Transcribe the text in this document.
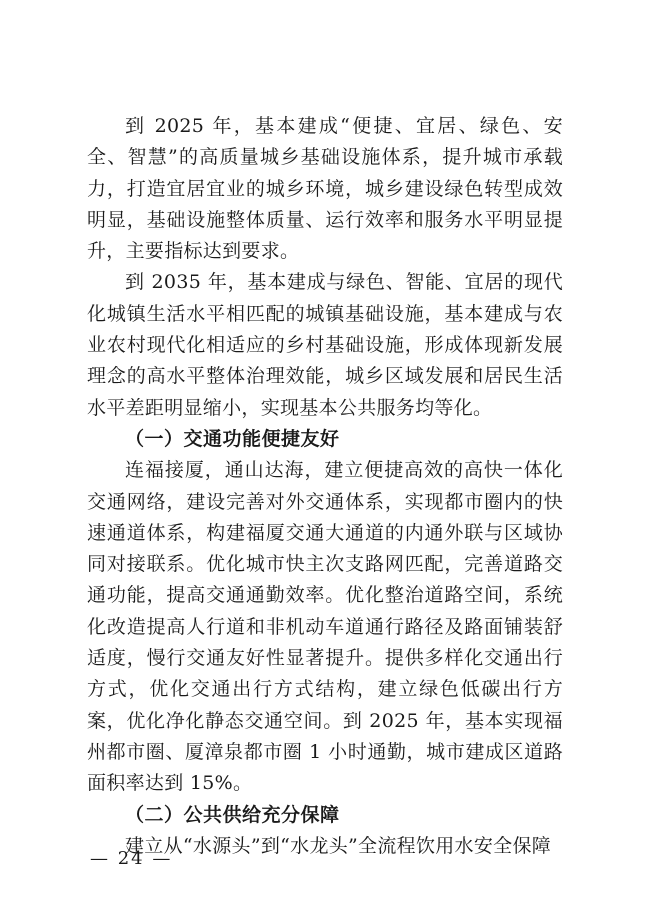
到 2025 年，基本建成“便捷、宜居、绿色、安全、智慧”的高质量城乡基础设施体系，提升城市承载力，打造宜居宜业的城乡环境，城乡建设绿色转型成效明显，基础设施整体质量、运行效率和服务水平明显提升，主要指标达到要求。

到 2035 年，基本建成与绿色、智能、宜居的现代化城镇生活水平相匹配的城镇基础设施，基本建成与农业农村现代化相适应的乡村基础设施，形成体现新发展理念的高水平整体治理效能，城乡区域发展和居民生活水平差距明显缩小，实现基本公共服务均等化。

（一）交通功能便捷友好

连福接厦，通山达海，建立便捷高效的高快一体化交通网络，建设完善对外交通体系，实现都市圈内的快速通道体系，构建福厦交通大通道的内通外联与区域协同对接联系。优化城市快主次支路网匹配，完善道路交通功能，提高交通通勤效率。优化整治道路空间，系统化改造提高人行道和非机动车道通行路径及路面铺装舒适度，慢行交通友好性显著提升。提供多样化交通出行方式，优化交通出行方式结构，建立绿色低碳出行方案，优化净化静态交通空间。到 2025 年，基本实现福州都市圈、厦漳泉都市圈 1 小时通勤，城市建成区道路面积率达到 15%。

（二）公共供给充分保障

建立从“水源头”到“水龙头”全流程饮用水安全保障

— 24 —
